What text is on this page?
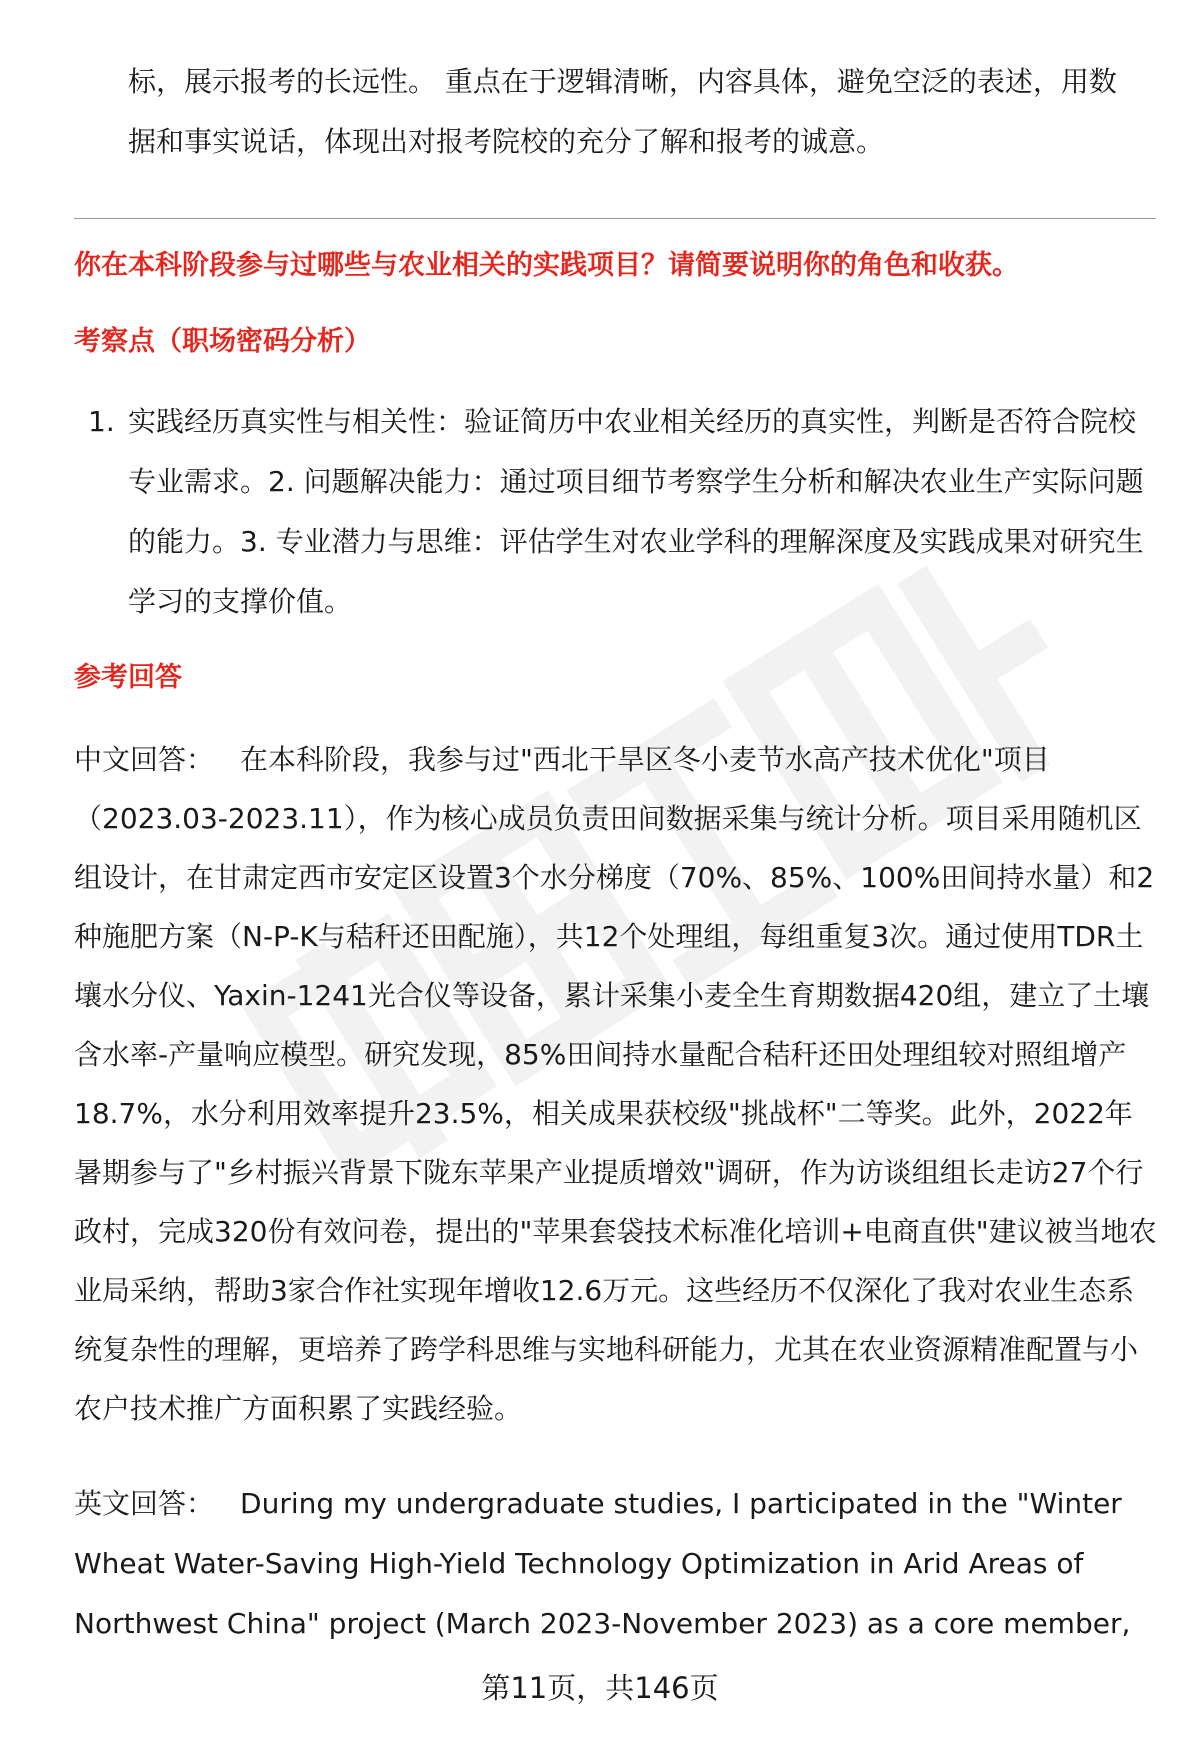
标，展示报考的长远性。 重点在于逻辑清晰，内容具体，避免空泛的表述，用数据和事实说话，体现出对报考院校的充分了解和报考的诚意。

你在本科阶段参与过哪些与农业相关的实践项目？请简要说明你的角色和收获。
考察点（职场密码分析）
1. 实践经历真实性与相关性：验证简历中农业相关经历的真实性，判断是否符合院校专业需求。2. 问题解决能力：通过项目细节考察学生分析和解决农业生产实际问题的能力。3. 专业潜力与思维：评估学生对农业学科的理解深度及实践成果对研究生学习的支撑价值。
参考回答

中文回答： 在本科阶段，我参与过"西北干旱区冬小麦节水高产技术优化"项目（2023.03-2023.11），作为核心成员负责田间数据采集与统计分析。项目采用随机区组设计，在甘肃定西市安定区设置3个水分梯度（70%、85%、100%田间持水量）和2种施肥方案（N-P-K与秸秆还田配施），共12个处理组，每组重复3次。通过使用TDR土壤水分仪、Yaxin-1241光合仪等设备，累计采集小麦全生育期数据420组，建立了土壤含水率-产量响应模型。研究发现，85%田间持水量配合秸秆还田处理组较对照组增产18.7%，水分利用效率提升23.5%，相关成果获校级"挑战杯"二等奖。此外，2022年暑期参与了"乡村振兴背景下陇东苹果产业提质增效"调研，作为访谈组组长走访27个行政村，完成320份有效问卷，提出的"苹果套袋技术标准化培训+电商直供"建议被当地农业局采纳，帮助3家合作社实现年增收12.6万元。这些经历不仅深化了我对农业生态系统复杂性的理解，更培养了跨学科思维与实地科研能力，尤其在农业资源精准配置与小农户技术推广方面积累了实践经验。

英文回答： During my undergraduate studies, I participated in the "Winter Wheat Water-Saving High-Yield Technology Optimization in Arid Areas of Northwest China" project (March 2023-November 2023) as a core member,

第11页，共146页
